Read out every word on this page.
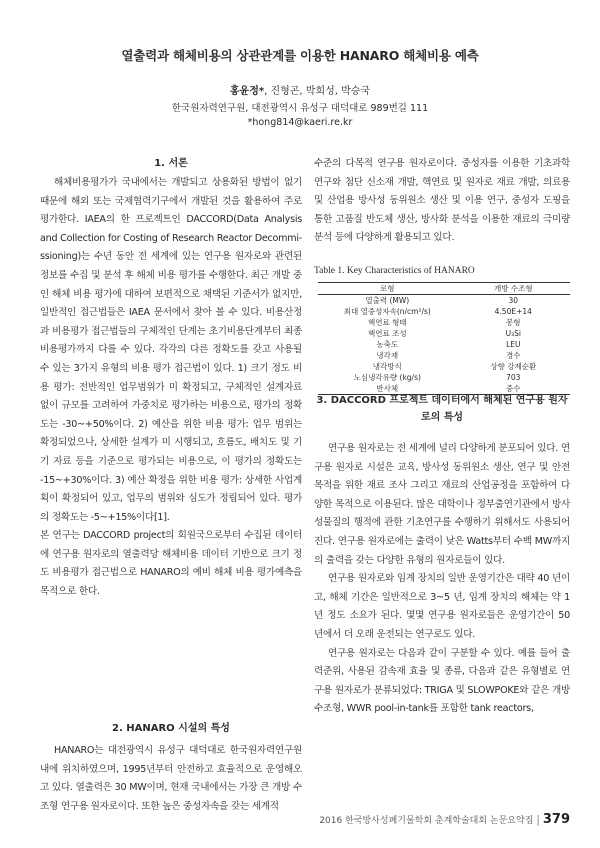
열출력과 해체비용의 상관관계를 이용한 HANARO 해체비용 예측
홍윤정*, 진형곤, 박희성, 박승국
한국원자력연구원, 대전광역시 유성구 대덕대로 989번길 111
*hong814@kaeri.re.kr
1. 서론

해체비용평가가 국내에서는 개발되고 상용화된 방법이 없기 때문에 해외 또는 국제협력기구에서 개발된 것을 활용하여 주로 평가한다. IAEA의 한 프로젝트인 DACCORD(Data Analysis and Collection for Costing of Research Reactor Decommi-ssioning)는 수년 동안 전 세계에 있는 연구용 원자로와 관련된 정보를 수집 및 분석 후 해체 비용 평가를 수행한다. 최근 개발 중인 해체 비용 평가에 대하여 보편적으로 채택된 기준서가 없지만, 일반적인 접근법들은 IAEA 문서에서 찾아 볼 수 있다. 비용산정과 비용평가 접근법들의 구체적인 단계는 초기비용단계부터 최종비용평가까지 다를 수 있다. 각각의 다른 정확도를 갖고 사용될 수 있는 3가지 유형의 비용 평가 접근법이 있다. 1) 크기 정도 비용 평가: 전반적인 업무범위가 미 확정되고, 구체적인 설계자료 없이 규모를 고려하여 가중치로 평가하는 비용으로, 평가의 정확도는 -30~+50%이다. 2) 예산을 위한 비용 평가: 업무 범위는 확정되었으나, 상세한 설계가 미 시행되고, 흐름도, 배치도 및 기기 자료 등을 기준으로 평가되는 비용으로, 이 평가의 정확도는 -15~+30%이다. 3) 예산 확정을 위한 비용 평가: 상세한 사업계획이 확정되어 있고, 업무의 범위와 심도가 정립되어 있다. 평가의 정확도는 -5~+15%이다[1].

본 연구는 DACCORD project의 회원국으로부터 수집된 데이터에 연구용 원자로의 열출력당 해체비용 데이터 기반으로 크기 정도 비용평가 접근법으로 HANARO의 예비 해체 비용 평가예측을 목적으로 한다.

2. HANARO 시설의 특성

HANARO는 대전광역시 유성구 대덕대로 한국원자력연구원내에 위치하였으며, 1995년부터 안전하고 효율적으로 운영해오고 있다. 열출력은 30 MW이며, 현재 국내에서는 가장 큰 개방 수조형 연구용 원자로이다. 또한 높은 중성자속을 갖는 세계적

수준의 다목적 연구용 원자로이다. 중성자를 이용한 기초과학 연구와 첨단 신소재 개발, 핵연료 및 원자로 재료 개발, 의료용 및 산업용 방사성 동위원소 생산 및 이용 연구, 중성자 도핑을 통한 고품질 반도체 생산, 방사화 분석을 이용한 재료의 극미량 분석 등에 다양하게 활용되고 있다.

Table 1. Key Characteristics of HANARO
로형	개방 수조형
열출력 (MW)	30
최대 열중성자속(n/cm²/s)	4.50E+14
핵연료 형태	봉형
핵연료 조성	U₃Si
농축도	LEU
냉각재	경수
냉각방식	상향 강제순환
노심냉각유량 (kg/s)	703
반사체	중수
3. DACCORD 프로젝트 데이터에서 해체된 연구용 원자로의 특성

연구용 원자로는 전 세계에 널리 다양하게 분포되어 있다. 연구용 원자로 시설은 교육, 방사성 동위원소 생산, 연구 및 안전목적을 위한 재료 조사 그리고 재료의 산업공정을 포함하여 다양한 목적으로 이용된다. 많은 대학이나 정부출연기관에서 방사성물질의 행적에 관한 기초연구를 수행하기 위해서도 사용되어진다. 연구용 원자로에는 출력이 낮은 Watts부터 수백 MW까지의 출력을 갖는 다양한 유형의 원자로들이 있다.

연구용 원자로와 임계 장치의 일반 운영기간은 대략 40 년이고, 해체 기간은 일반적으로 3~5 년, 임계 장치의 해체는 약 1 년 정도 소요가 된다. 몇몇 연구용 원자로들은 운영기간이 50 년에서 더 오래 운전되는 연구로도 있다.

연구용 원자로는 다음과 같이 구분할 수 있다. 예를 들어 출력준위, 사용된 감속재 효율 및 종류, 다음과 같은 유형별로 연구용 원자로가 분류되었다: TRIGA 및 SLOWPOKE와 같은 개방 수조형, WWR pool-in-tank를 포함한 tank reactors,

2016 한국방사성폐기물학회 춘계학술대회 논문요약집 | 379
